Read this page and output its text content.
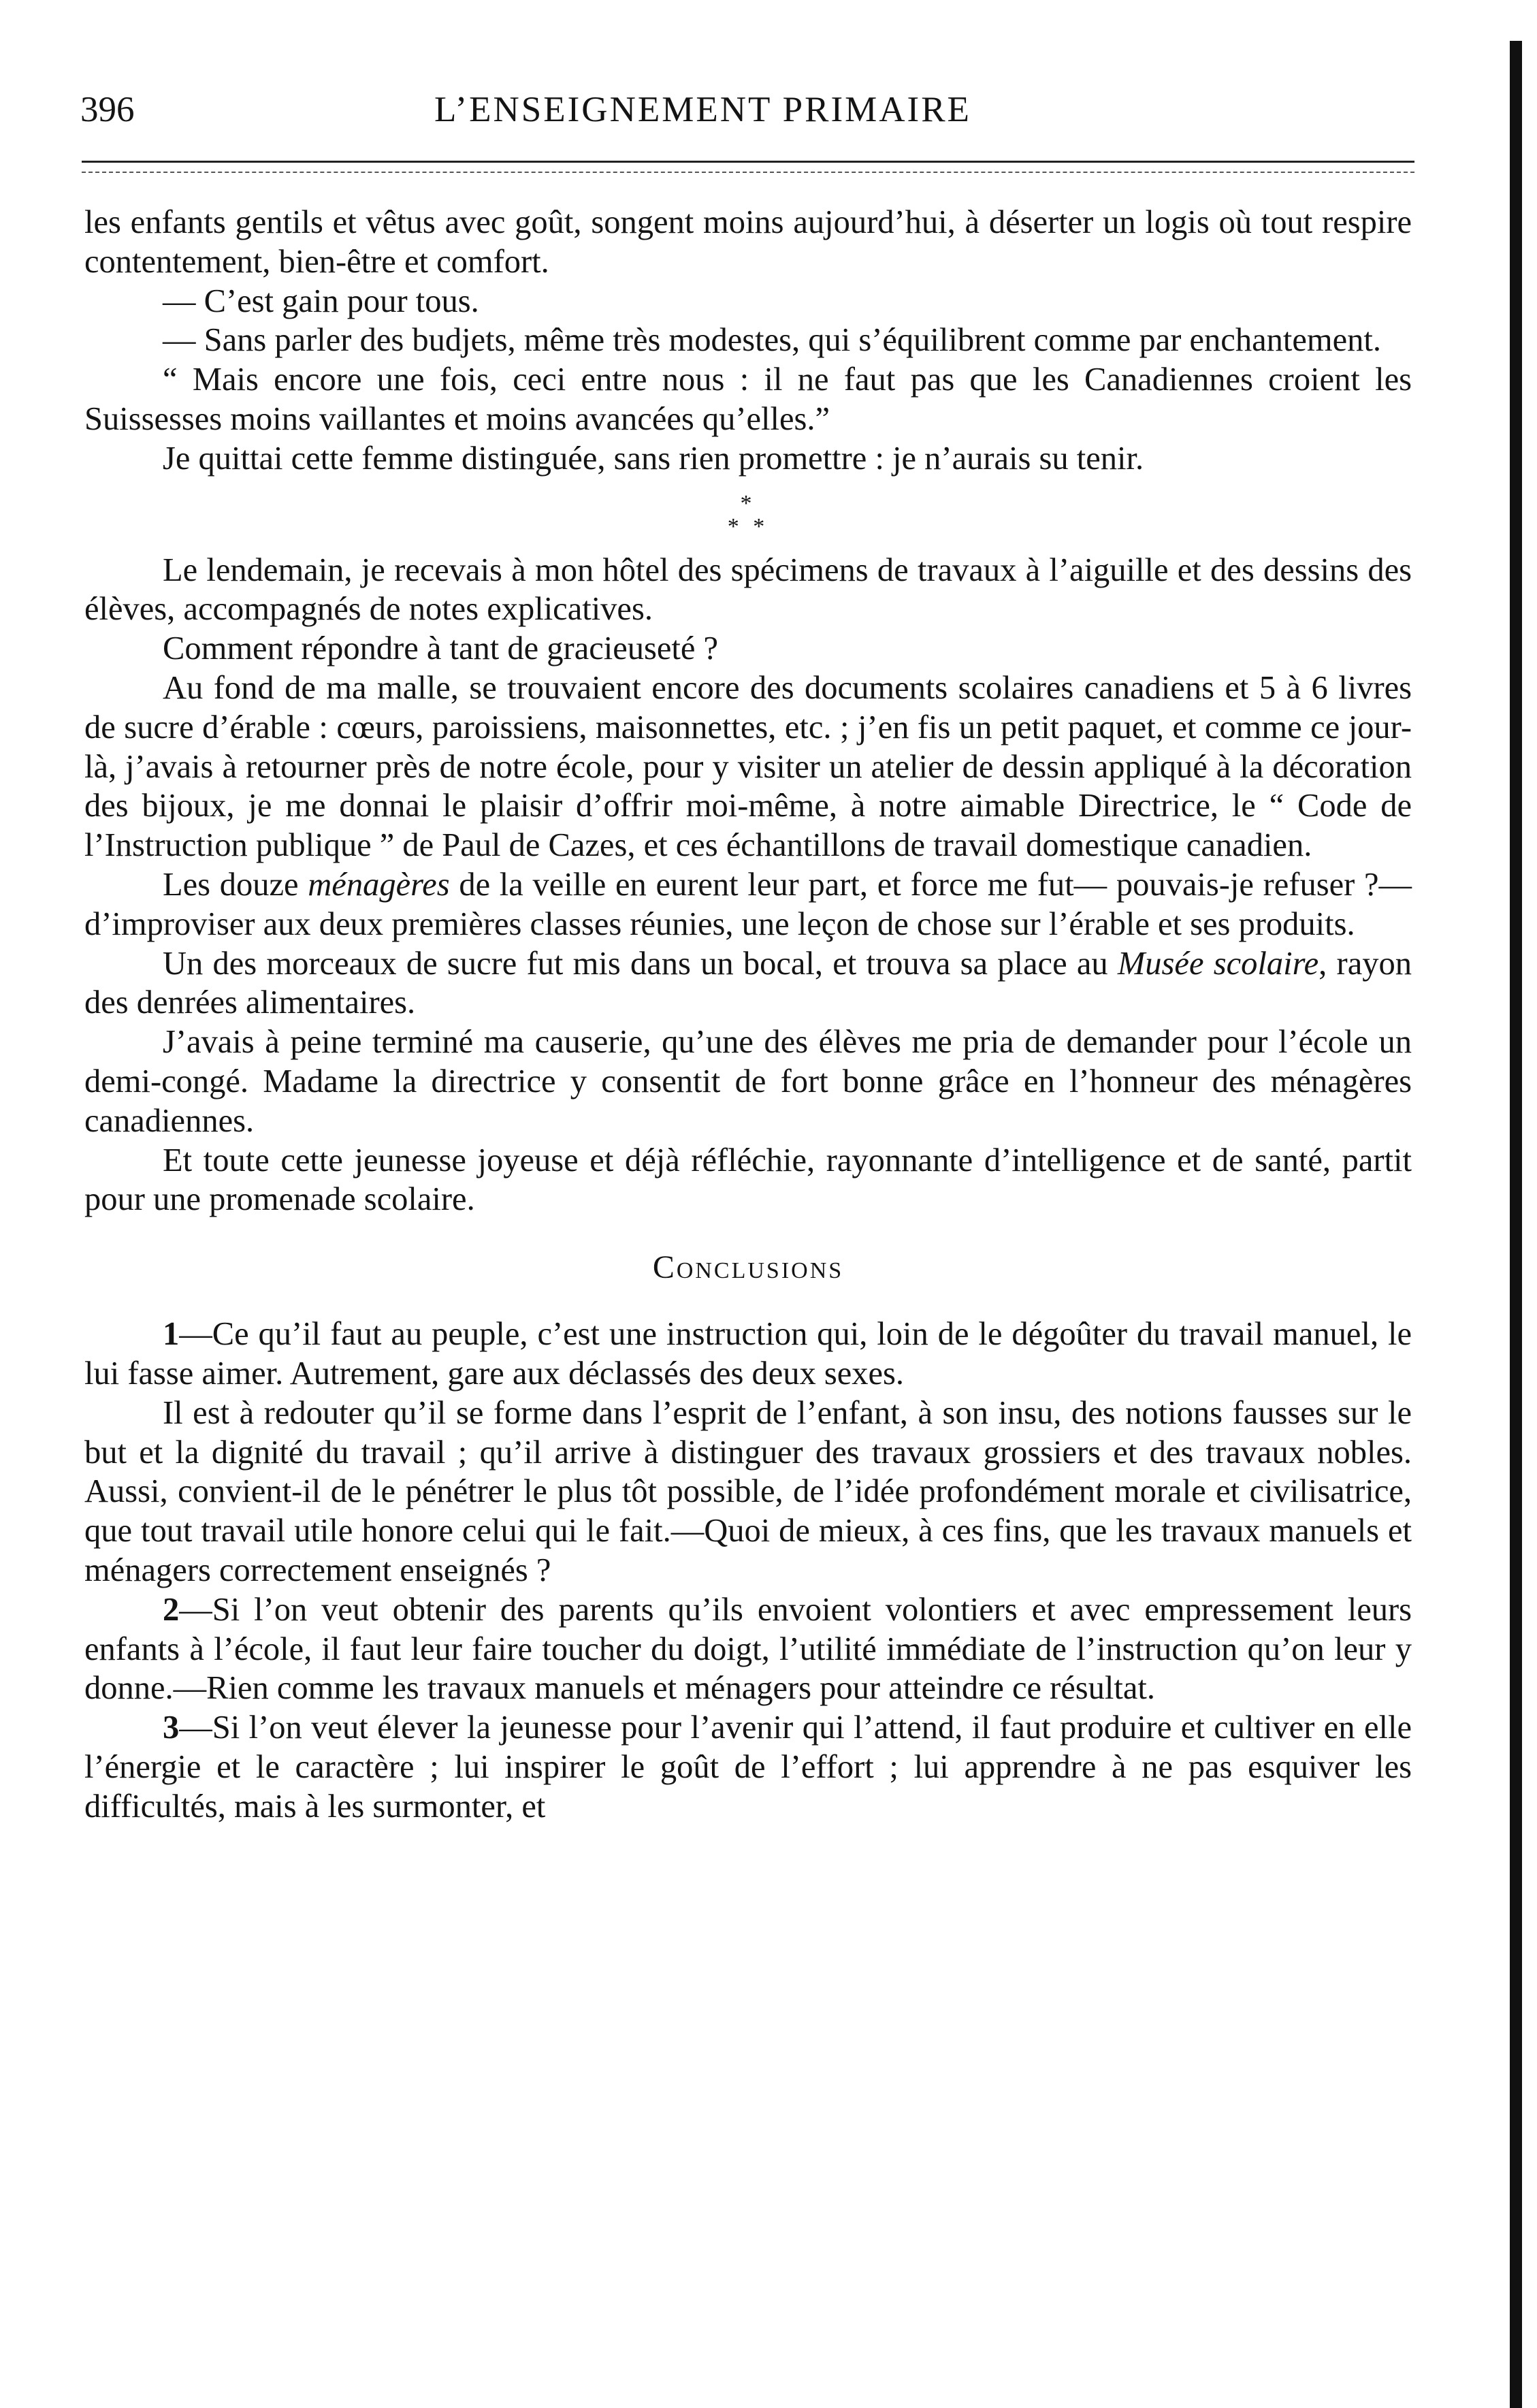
396	L’ENSEIGNEMENT PRIMAIRE

les enfants gentils et vêtus avec goût, songent moins aujourd’hui, à déserter un logis où tout respire contentement, bien-être et comfort.

— C’est gain pour tous.

— Sans parler des budjets, même très modestes, qui s’équilibrent comme par enchantement.

“ Mais encore une fois, ceci entre nous : il ne faut pas que les Canadiennes croient les Suissesses moins vaillantes et moins avancées qu’elles.”

Je quittai cette femme distinguée, sans rien promettre : je n’aurais su tenir.

*
* *

Le lendemain, je recevais à mon hôtel des spécimens de travaux à l’aiguille et des dessins des élèves, accompagnés de notes explicatives.

Comment répondre à tant de gracieuseté ?

Au fond de ma malle, se trouvaient encore des documents scolaires canadiens et 5 à 6 livres de sucre d’érable : cœurs, paroissiens, maisonnettes, etc. ; j’en fis un petit paquet, et comme ce jour-là, j’avais à retourner près de notre école, pour y visiter un atelier de dessin appliqué à la décoration des bijoux, je me donnai le plaisir d’offrir moi-même, à notre aimable Directrice, le “ Code de l’Instruction publique ” de Paul de Cazes, et ces échantillons de travail domestique canadien.

Les douze ménagères de la veille en eurent leur part, et force me fut— pouvais-je refuser ?— d’improviser aux deux premières classes réunies, une leçon de chose sur l’érable et ses produits.

Un des morceaux de sucre fut mis dans un bocal, et trouva sa place au Musée scolaire, rayon des denrées alimentaires.

J’avais à peine terminé ma causerie, qu’une des élèves me pria de demander pour l’école un demi-congé. Madame la directrice y consentit de fort bonne grâce en l’honneur des ménagères canadiennes.

Et toute cette jeunesse joyeuse et déjà réfléchie, rayonnante d’intelligence et de santé, partit pour une promenade scolaire.

Conclusions

1—Ce qu’il faut au peuple, c’est une instruction qui, loin de le dégoûter du travail manuel, le lui fasse aimer. Autrement, gare aux déclassés des deux sexes.

Il est à redouter qu’il se forme dans l’esprit de l’enfant, à son insu, des notions fausses sur le but et la dignité du travail ; qu’il arrive à distinguer des travaux grossiers et des travaux nobles. Aussi, convient-il de le pénétrer le plus tôt possible, de l’idée profondément morale et civilisatrice, que tout travail utile honore celui qui le fait.—Quoi de mieux, à ces fins, que les travaux manuels et ménagers correctement enseignés ?

2—Si l’on veut obtenir des parents qu’ils envoient volontiers et avec empressement leurs enfants à l’école, il faut leur faire toucher du doigt, l’utilité immédiate de l’instruction qu’on leur y donne.—Rien comme les travaux manuels et ménagers pour atteindre ce résultat.

3—Si l’on veut élever la jeunesse pour l’avenir qui l’attend, il faut produire et cultiver en elle l’énergie et le caractère ; lui inspirer le goût de l’effort ; lui apprendre à ne pas esquiver les difficultés, mais à les surmonter, et
